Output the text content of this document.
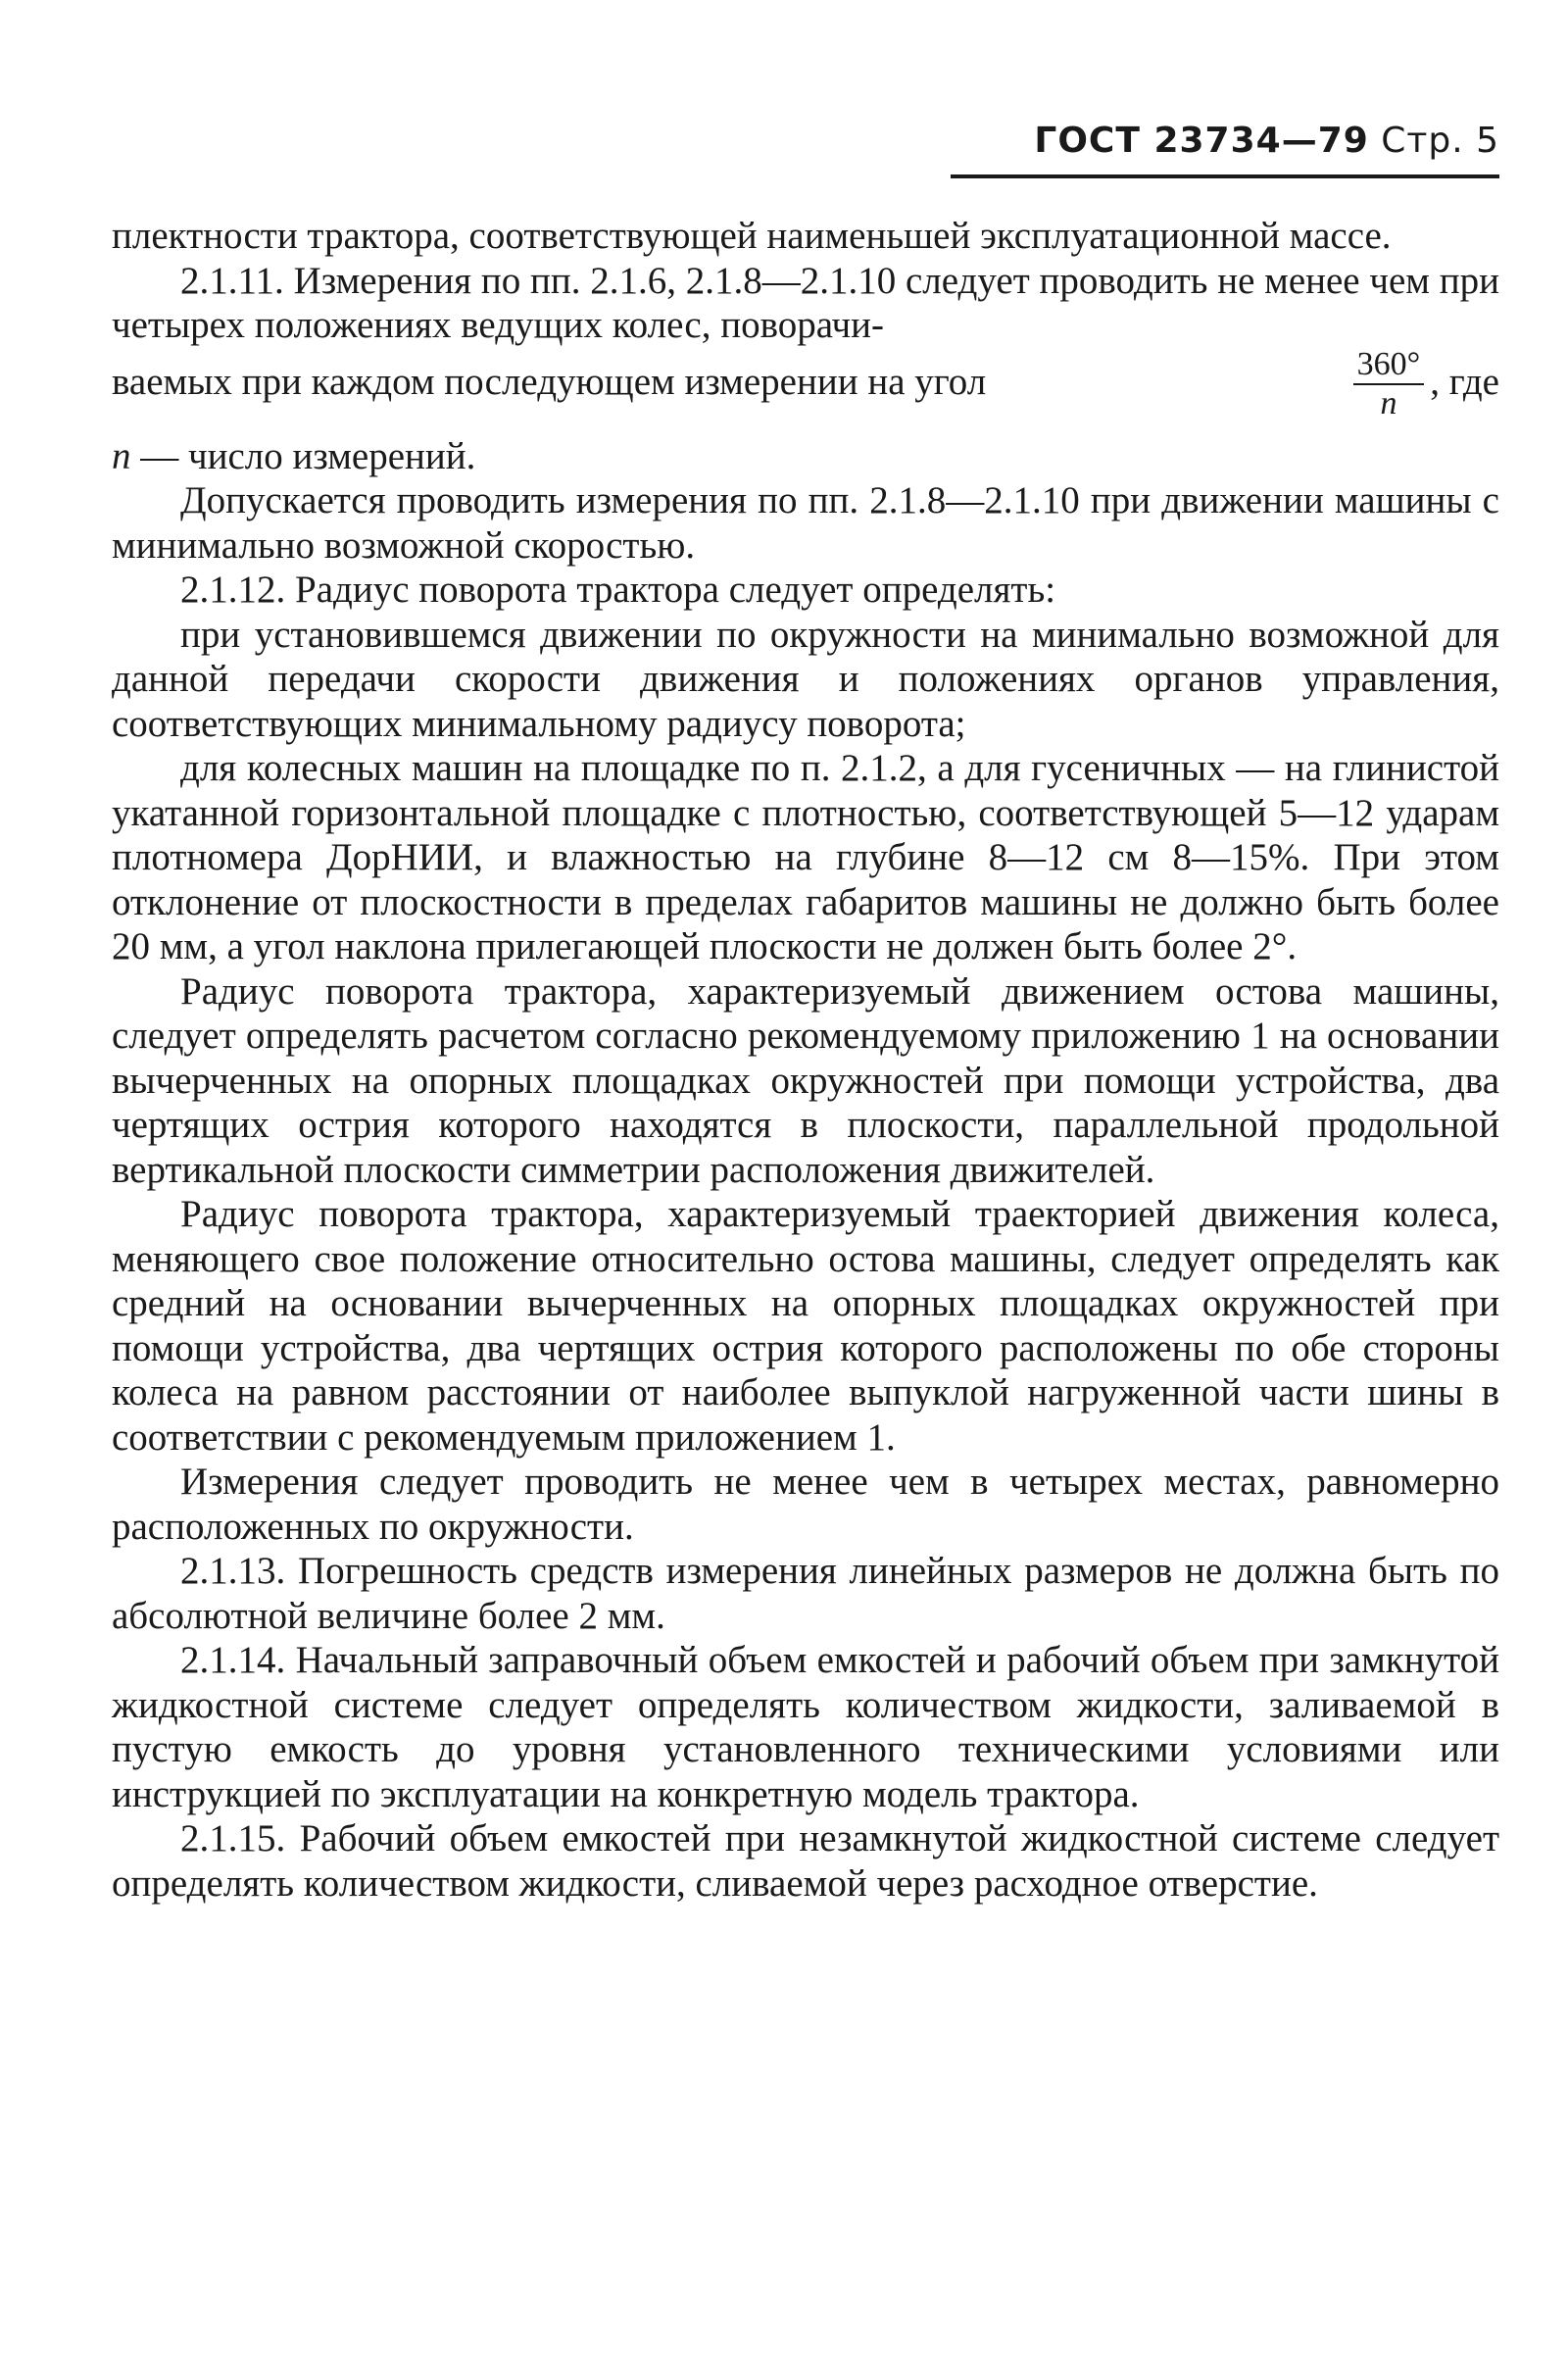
ГОСТ 23734—79 Стр. 5

плектности трактора, соответствующей наименьшей эксплуатационной массе.

2.1.11. Измерения по пп. 2.1.6, 2.1.8—2.1.10 следует проводить не менее чем при четырех положениях ведущих колес, поворачи-

ваемых при каждом последующем измерении на угол	$\frac{360^\circ}{n}$ , где

n — число измерений.

Допускается проводить измерения по пп. 2.1.8—2.1.10 при движении машины с минимально возможной скоростью.

2.1.12. Радиус поворота трактора следует определять:

при установившемся движении по окружности на минимально возможной для данной передачи скорости движения и положениях органов управления, соответствующих минимальному радиусу поворота;

для колесных машин на площадке по п. 2.1.2, а для гусеничных — на глинистой укатанной горизонтальной площадке с плотностью, соответствующей 5—12 ударам плотномера ДорНИИ, и влажностью на глубине 8—12 см 8—15%. При этом отклонение от плоскостности в пределах габаритов машины не должно быть более 20 мм, а угол наклона прилегающей плоскости не должен быть более 2°.

Радиус поворота трактора, характеризуемый движением остова машины, следует определять расчетом согласно рекомендуемому приложению 1 на основании вычерченных на опорных площадках окружностей при помощи устройства, два чертящих острия которого находятся в плоскости, параллельной продольной вертикальной плоскости симметрии расположения движителей.

Радиус поворота трактора, характеризуемый траекторией движения колеса, меняющего свое положение относительно остова машины, следует определять как средний на основании вычерченных на опорных площадках окружностей при помощи устройства, два чертящих острия которого расположены по обе стороны колеса на равном расстоянии от наиболее выпуклой нагруженной части шины в соответствии с рекомендуемым приложением 1.

Измерения следует проводить не менее чем в четырех местах, равномерно расположенных по окружности.

2.1.13. Погрешность средств измерения линейных размеров не должна быть по абсолютной величине более 2 мм.

2.1.14. Начальный заправочный объем емкостей и рабочий объем при замкнутой жидкостной системе следует определять количеством жидкости, заливаемой в пустую емкость до уровня установленного техническими условиями или инструкцией по эксплуатации на конкретную модель трактора.

2.1.15. Рабочий объем емкостей при незамкнутой жидкостной системе следует определять количеством жидкости, сливаемой через расходное отверстие.
